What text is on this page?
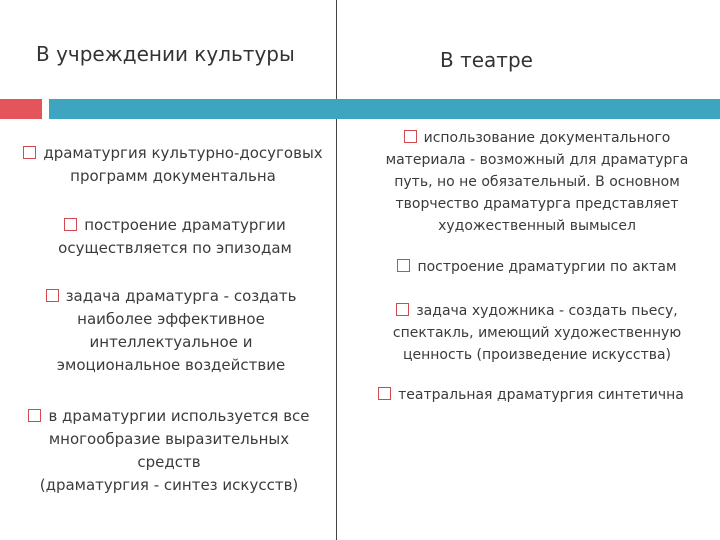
В учреждении культуры	В театре
драматургия культурно-досуговых
программ документальна
построение драматургии
осуществляется по эпизодам
задача драматурга - создать
наиболее эффективное
интеллектуальное и
эмоциональное воздействие
в драматургии используется все
многообразие выразительных
средств
(драматургия - синтез искусств)
использование документального
материала - возможный для драматурга
путь, но не обязательный. В основном
творчество драматурга представляет
художественный вымысел
построение драматургии по актам
задача художника - создать пьесу,
спектакль, имеющий художественную
ценность (произведение искусства)
театральная драматургия синтетична
